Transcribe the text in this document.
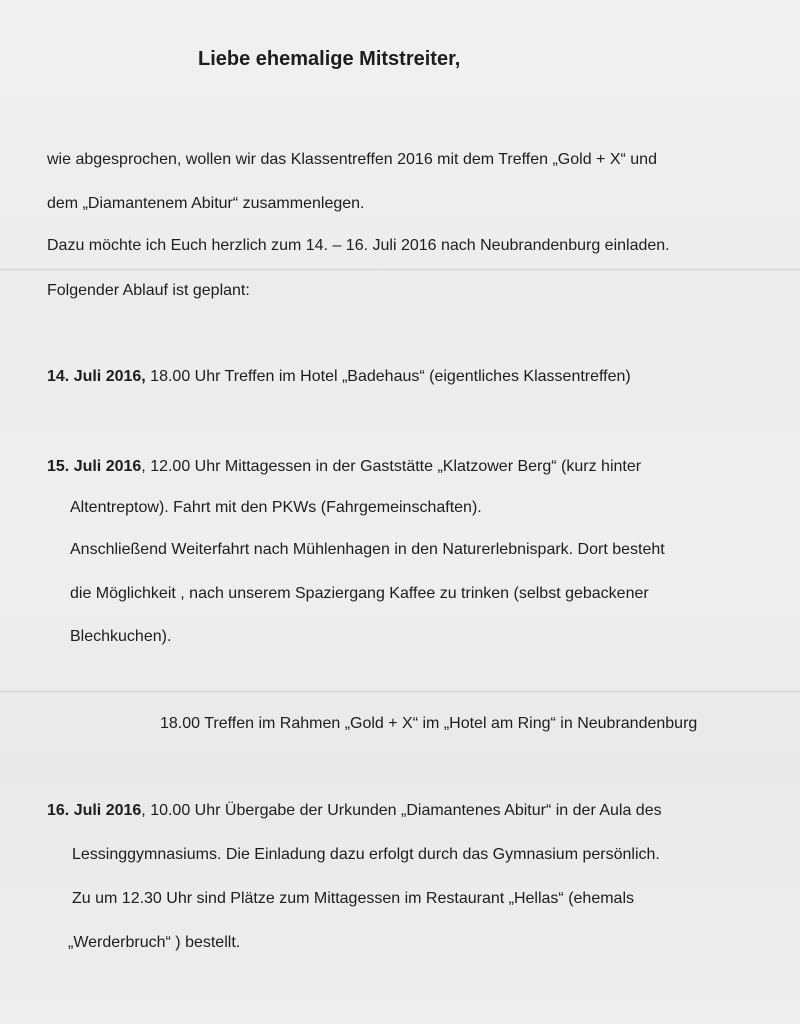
Liebe ehemalige Mitstreiter,
wie abgesprochen, wollen wir das Klassentreffen 2016 mit dem Treffen „Gold + X“ und
dem „Diamantenem Abitur“ zusammenlegen.
Dazu möchte ich Euch herzlich zum 14. – 16. Juli 2016 nach Neubrandenburg einladen.
Folgender Ablauf ist geplant:
14. Juli 2016, 18.00 Uhr Treffen im Hotel „Badehaus“ (eigentliches Klassentreffen)
15. Juli 2016, 12.00 Uhr Mittagessen in der Gaststätte „Klatzower Berg“ (kurz hinter
Altentreptow). Fahrt mit den PKWs (Fahrgemeinschaften).
Anschließend Weiterfahrt nach Mühlenhagen in den Naturerlebnispark. Dort besteht
die Möglichkeit , nach unserem Spaziergang Kaffee zu trinken (selbst gebackener
Blechkuchen).
18.00 Treffen im Rahmen „Gold + X“ im „Hotel am Ring“ in Neubrandenburg
16. Juli 2016, 10.00 Uhr Übergabe der Urkunden „Diamantenes Abitur“ in der Aula des
Lessinggymnasiums. Die Einladung dazu erfolgt durch das Gymnasium persönlich.
Zu um 12.30 Uhr sind Plätze zum Mittagessen im Restaurant „Hellas“ (ehemals
„Werderbruch“ ) bestellt.
